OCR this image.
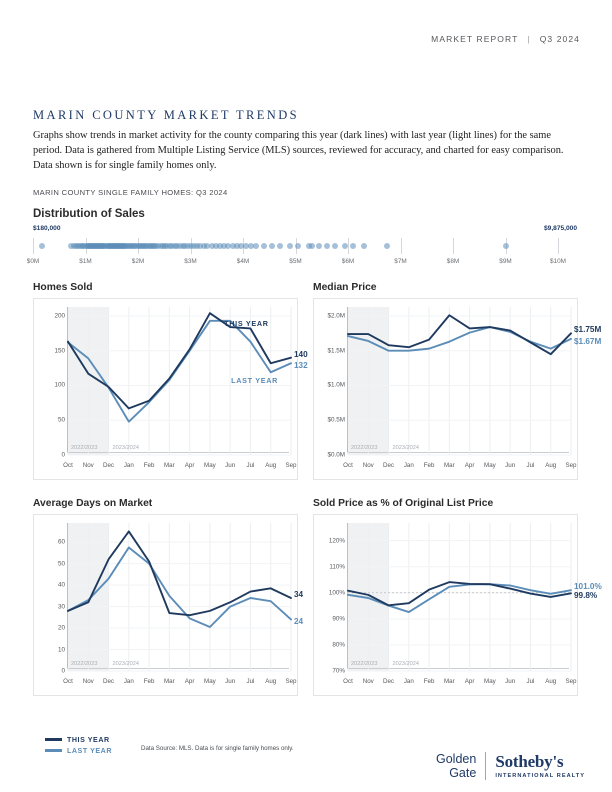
MARKET REPORT | Q3 2024
MARIN COUNTY MARKET TRENDS

Graphs show trends in market activity for the county comparing this year (dark lines) with last year (light lines) for the same period. Data is gathered from Multiple Listing Service (MLS) sources, reviewed for accuracy, and charted for easy comparison. Data shown is for single family homes only.

MARIN COUNTY SINGLE FAMILY HOMES: Q3 2024
Distribution of Sales
$180,000	$9,875,000
$0M	$1M	$2M	$3M	$4M	$5M	$6M	$7M	$8M	$9M	$10M
Homes Sold
0
50
100
150
200
Oct Nov Dec Jan Feb Mar Apr May Jun Jul Aug Sep
2022/2023	2023/2024
140
132
THIS YEAR
LAST YEAR
Median Price
$0.0M
$0.5M
$1.0M
$1.5M
$2.0M
Oct Nov Dec Jan Feb Mar Apr May Jun Jul Aug Sep
2022/2023	2023/2024
$1.75M
$1.67M
Average Days on Market
0
10
20
30
40
50
60
Oct Nov Dec Jan Feb Mar Apr May Jun Jul Aug Sep
2022/2023	2023/2024
34
24
Sold Price as % of Original List Price
70%
80%
90%
100%
110%
120%
Oct Nov Dec Jan Feb Mar Apr May Jun Jul Aug Sep
2022/2023	2023/2024
99.8%
101.0%
THIS YEAR
LAST YEAR	Data Source: MLS. Data is for single family homes only.
Golden
Gate
Sotheby's
INTERNATIONAL REALTY
